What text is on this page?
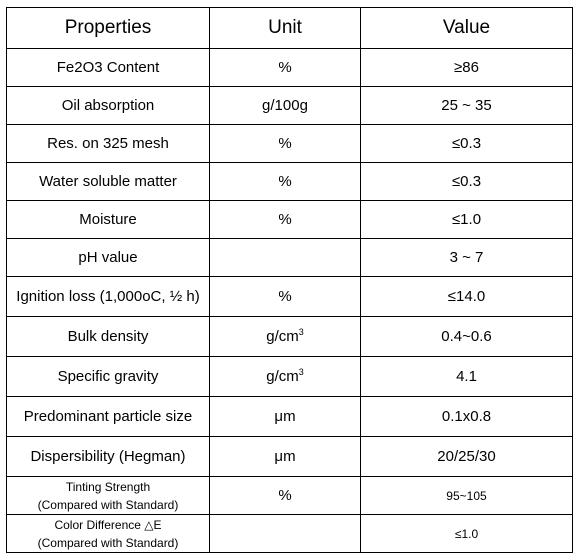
Properties	Unit	Value
Fe2O3 Content	%	≥86
Oil absorption	g/100g	25 ~ 35
Res. on 325 mesh	%	≤0.3
Water soluble matter	%	≤0.3
Moisture	%	≤1.0
pH value		3 ~ 7
Ignition loss (1,000oC, ½ h)	%	≤14.0
Bulk density	$g/cm^3$	0.4~0.6
Specific gravity	$g/cm^3$	4.1
Predominant particle size	μm	0.1x0.8
Dispersibility (Hegman)	μm	20/25/30

Tinting Strength
(Compared with Standard)	%	95~105

Color Difference △E
(Compared with Standard)		≤1.0
